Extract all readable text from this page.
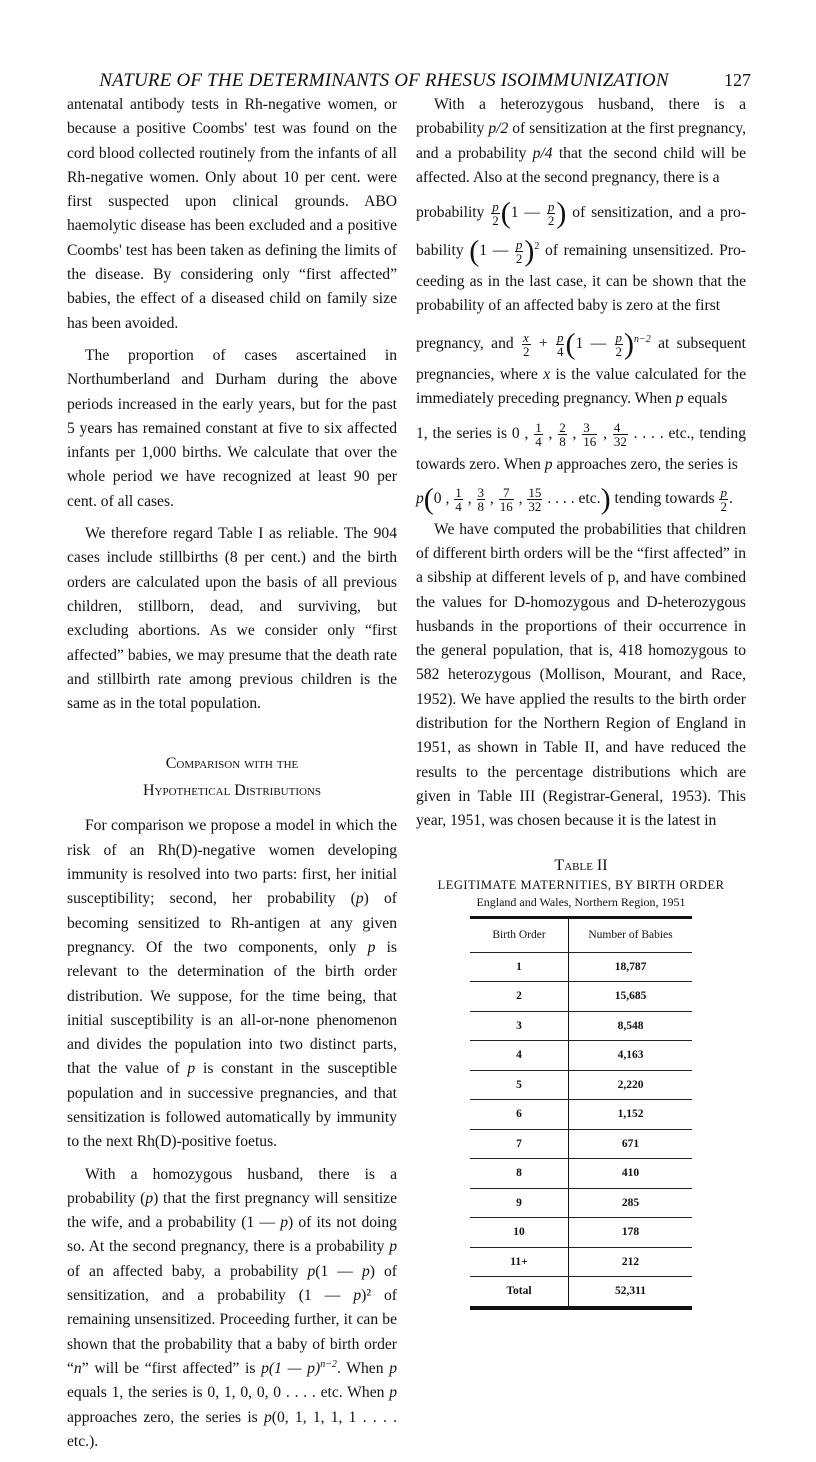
NATURE OF THE DETERMINANTS OF RHESUS ISOIMMUNIZATION	127

antenatal antibody tests in Rh-negative women, or because a positive Coombs' test was found on the cord blood collected routinely from the infants of all Rh-negative women. Only about 10 per cent. were first suspected upon clinical grounds. ABO haemolytic disease has been excluded and a positive Coombs' test has been taken as defining the limits of the disease. By considering only “first affected” babies, the effect of a diseased child on family size has been avoided.

The proportion of cases ascertained in Northumberland and Durham during the above periods increased in the early years, but for the past 5 years has remained constant at five to six affected infants per 1,000 births. We calculate that over the whole period we have recognized at least 90 per cent. of all cases.

We therefore regard Table I as reliable. The 904 cases include stillbirths (8 per cent.) and the birth orders are calculated upon the basis of all previous children, stillborn, dead, and surviving, but excluding abortions. As we consider only “first affected” babies, we may presume that the death rate and stillbirth rate among previous children is the same as in the total population.

Comparison with the
Hypothetical Distributions

For comparison we propose a model in which the risk of an Rh(D)-negative women developing immunity is resolved into two parts: first, her initial susceptibility; second, her probability (p) of becoming sensitized to Rh-antigen at any given pregnancy. Of the two components, only p is relevant to the determination of the birth order distribution. We suppose, for the time being, that initial susceptibility is an all-or-none phenomenon and divides the population into two distinct parts, that the value of p is constant in the susceptible population and in successive pregnancies, and that sensitization is followed automatically by immunity to the next Rh(D)-positive foetus.

With a homozygous husband, there is a probability (p) that the first pregnancy will sensitize the wife, and a probability (1 — p) of its not doing so. At the second pregnancy, there is a probability p of an affected baby, a probability p(1 — p) of sensitization, and a probability (1 — p)² of remaining unsensitized. Proceeding further, it can be shown that the probability that a baby of birth order “n” will be “first affected” is p(1 — p)$^{n-2}$. When p equals 1, the series is 0, 1, 0, 0, 0 . . . . etc. When p approaches zero, the series is p(0, 1, 1, 1, 1 . . . . etc.).

With a heterozygous husband, there is a probability p/2 of sensitization at the first pregnancy, and a probability p/4 that the second child will be affected. Also at the second pregnancy, there is a

probability $\frac{p}{2} (1$ — $\frac{p}{2}$ ) of sensitization, and a pro-
bability (1 — $\frac{p}{2} )^2$ of remaining unsensitized. Pro-

ceeding as in the last case, it can be shown that the probability of an affected baby is zero at the first

pregnancy, and $\frac{x}{2} + \frac{p}{4} (1$ — $\frac{p}{2} )^{n-2}$ at subsequent

pregnancies, where x is the value calculated for the immediately preceding pregnancy. When p equals

1, the series is 0 , $\frac{1}{4}$ , $\frac{2}{8}$ , $\frac{3}{16}$ , $\frac{4}{32}$ . . . . etc., tending

towards zero. When p approaches zero, the series is

p(0 , $\frac{1}{4}$ , $\frac{3}{8}$ , $\frac{7}{16}$ , $\frac{15}{32}$ . . . . etc.) tending towards $\frac{p}{2}$ .

We have computed the probabilities that children of different birth orders will be the “first affected” in a sibship at different levels of p, and have combined the values for D-homozygous and D-heterozygous husbands in the proportions of their occurrence in the general population, that is, 418 homozygous to 582 heterozygous (Mollison, Mourant, and Race, 1952). We have applied the results to the birth order distribution for the Northern Region of England in 1951, as shown in Table II, and have reduced the results to the percentage distributions which are given in Table III (Registrar-General, 1953). This year, 1951, was chosen because it is the latest in

Table II
LEGITIMATE MATERNITIES, BY BIRTH ORDER
England and Wales, Northern Region, 1951
Birth Order	Number of Babies
1	18,787
2	15,685
3	8,548
4	4,163
5	2,220
6	1,152
7	671
8	410
9	285
10	178
11+	212
Total	52,311
